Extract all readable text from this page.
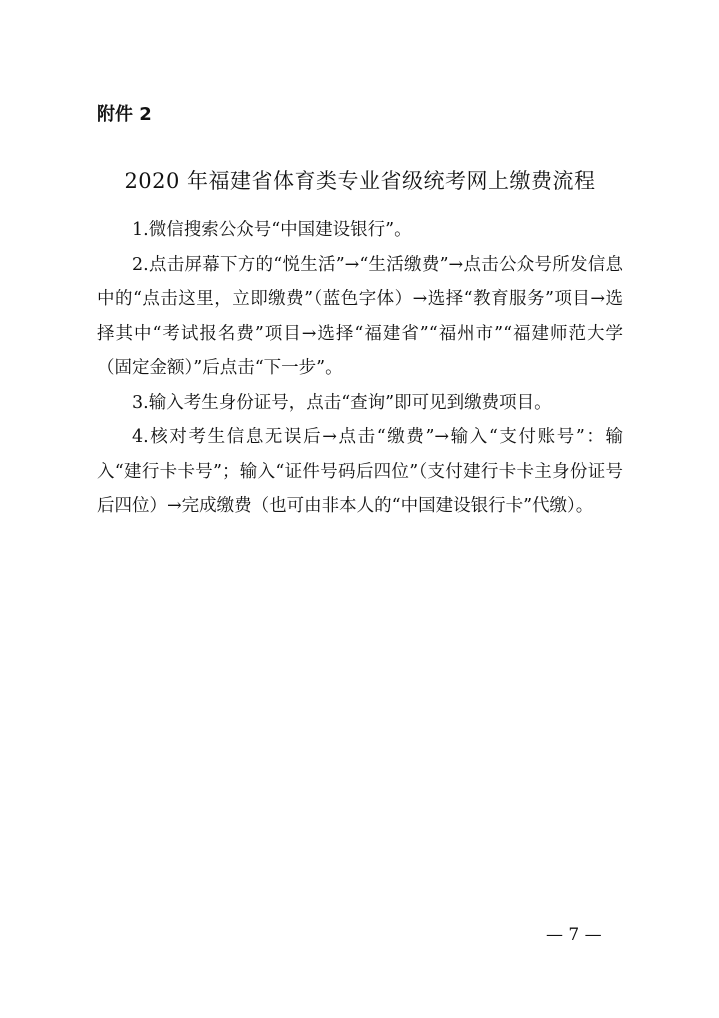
附件 2
2020 年福建省体育类专业省级统考网上缴费流程

1.微信搜索公众号“中国建设银行”。

2.点击屏幕下方的“悦生活”→“生活缴费”→点击公众号所发信息中的“点击这里，立即缴费”（蓝色字体）→选择“教育服务”项目→选择其中“考试报名费”项目→选择“福建省”“福州市”“福建师范大学（固定金额）”后点击“下一步”。

3.输入考生身份证号，点击“查询”即可见到缴费项目。

4.核对考生信息无误后→点击“缴费”→输入“支付账号”：输入“建行卡卡号”；输入“证件号码后四位”（支付建行卡卡主身份证号后四位）→完成缴费（也可由非本人的“中国建设银行卡”代缴）。

— 7 —
